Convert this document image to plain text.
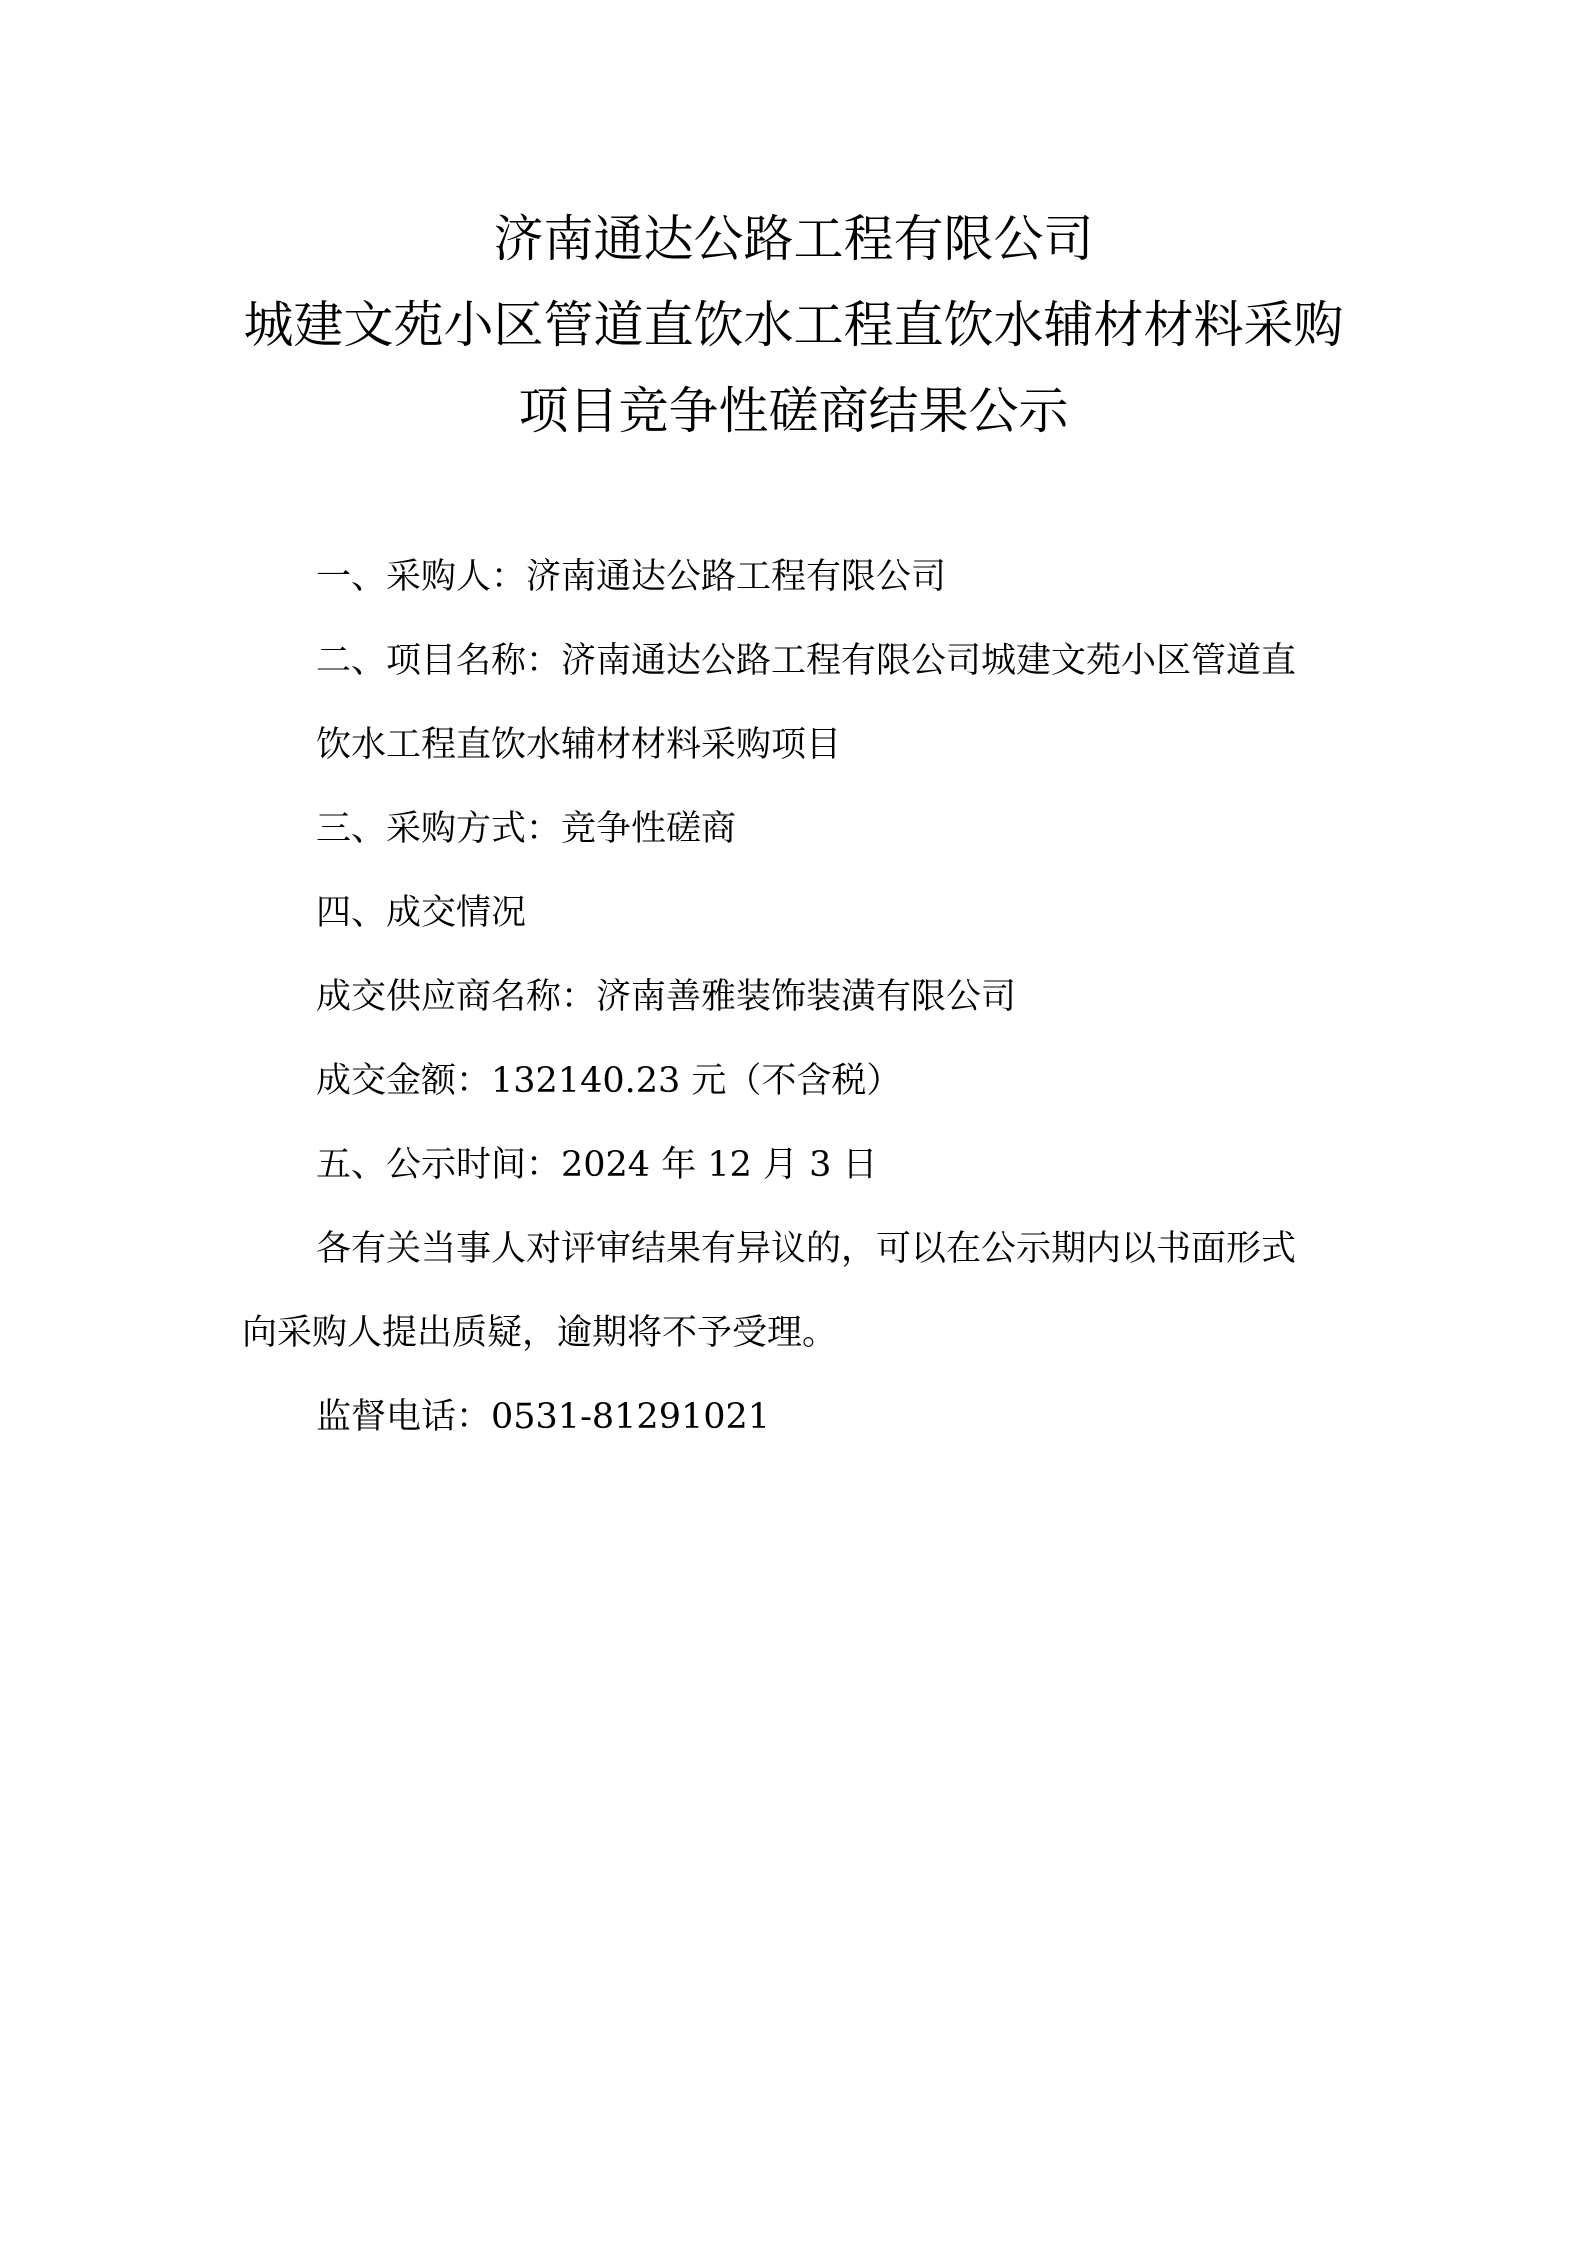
济南通达公路工程有限公司
城建文苑小区管道直饮水工程直饮水辅材材料采购
项目竞争性磋商结果公示
一、采购人：济南通达公路工程有限公司
二、项目名称：济南通达公路工程有限公司城建文苑小区管道直
饮水工程直饮水辅材材料采购项目
三、采购方式：竞争性磋商
四、成交情况
成交供应商名称：济南善雅装饰装潢有限公司
成交金额：132140.23 元（不含税）
五、公示时间：2024 年 12 月 3 日
各有关当事人对评审结果有异议的，可以在公示期内以书面形式
向采购人提出质疑，逾期将不予受理。
监督电话：0531-81291021
